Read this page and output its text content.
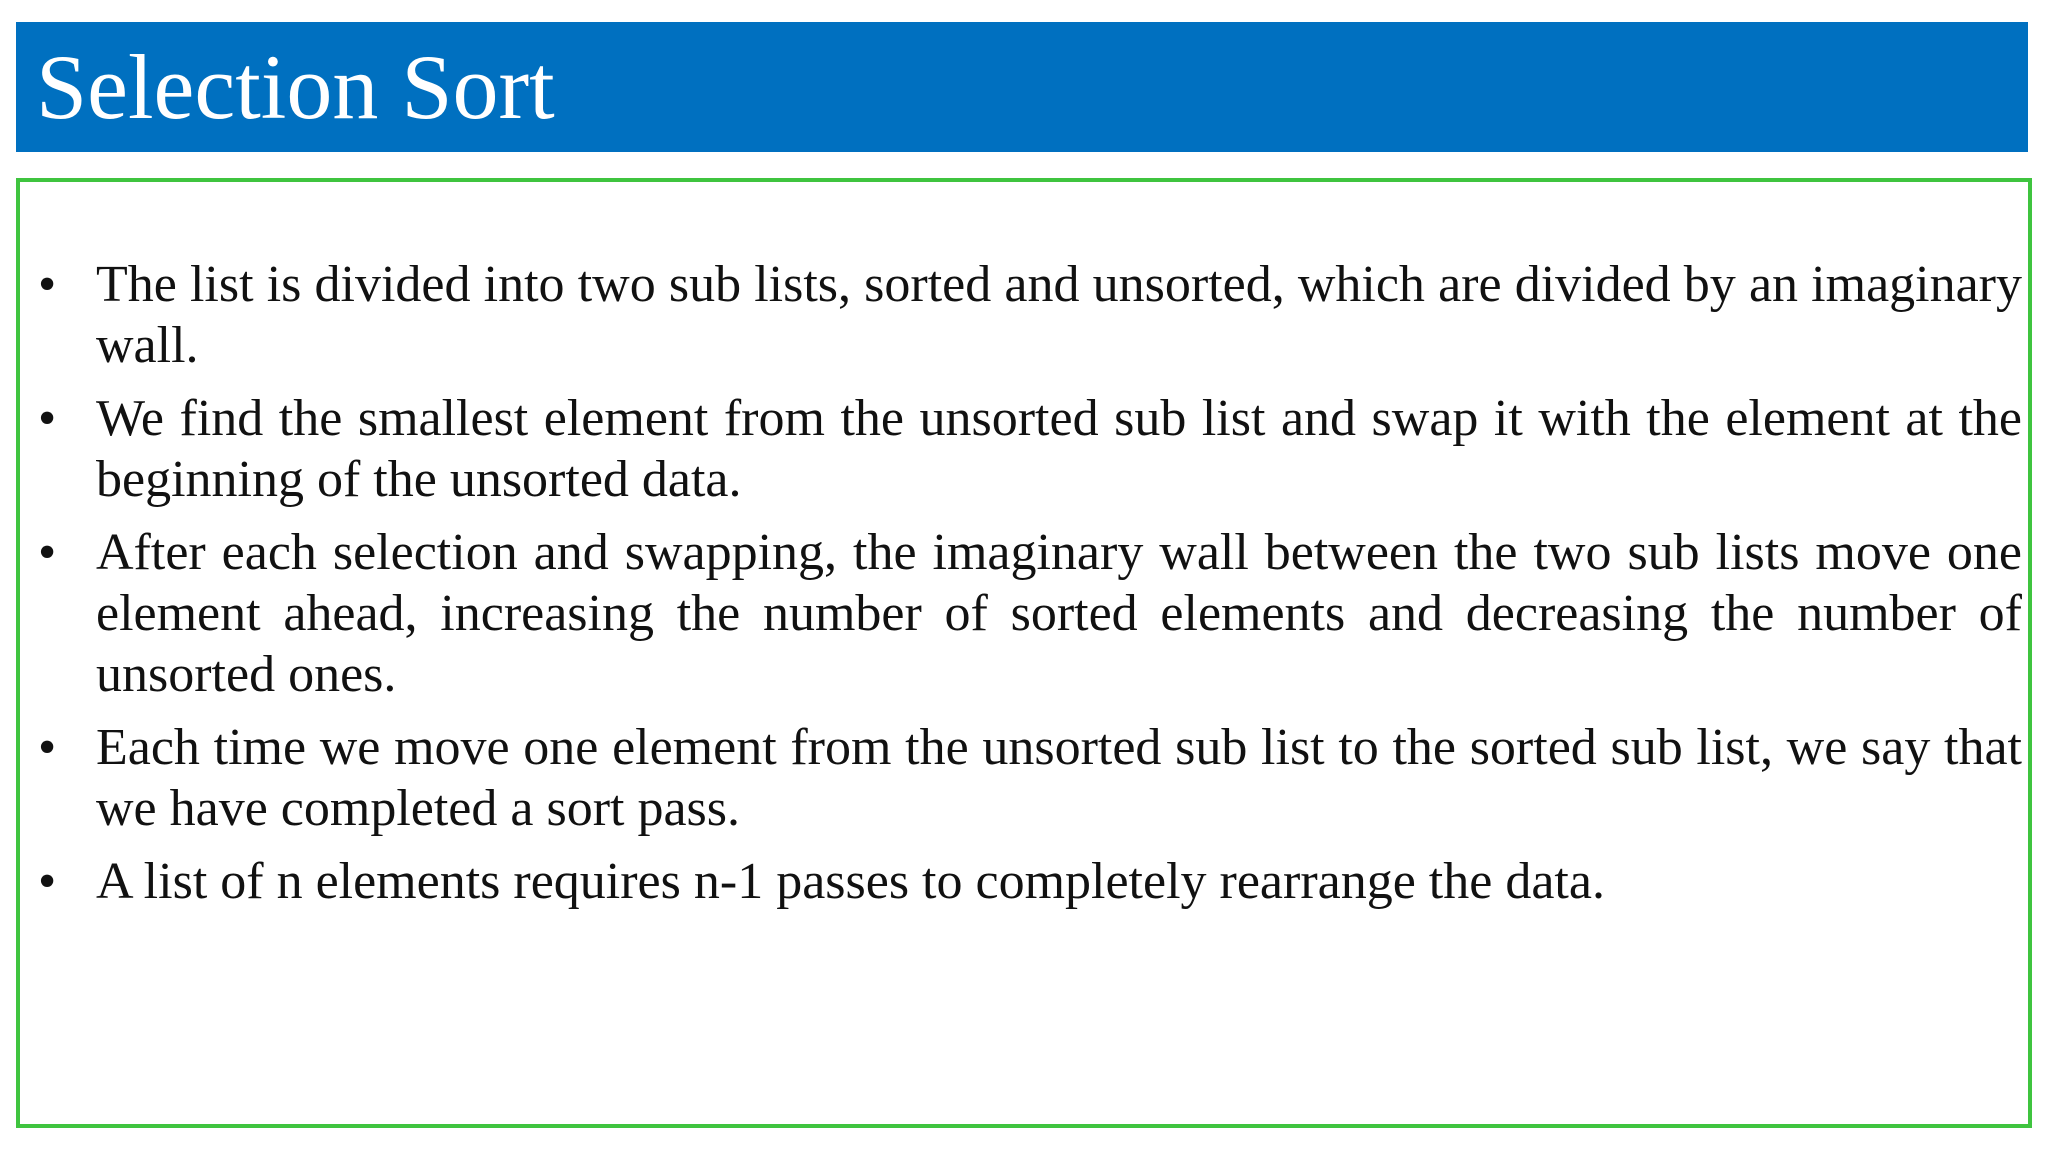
Selection Sort
• The list is divided into two sub lists, sorted and unsorted, which are divided by an imaginary wall.
• We find the smallest element from the unsorted sub list and swap it with the element at the beginning of the unsorted data.
• After each selection and swapping, the imaginary wall between the two sub lists move one element ahead, increasing the number of sorted elements and decreasing the number of unsorted ones.
• Each time we move one element from the unsorted sub list to the sorted sub list, we say that we have completed a sort pass.
• A list of n elements requires n-1 passes to completely rearrange the data.
